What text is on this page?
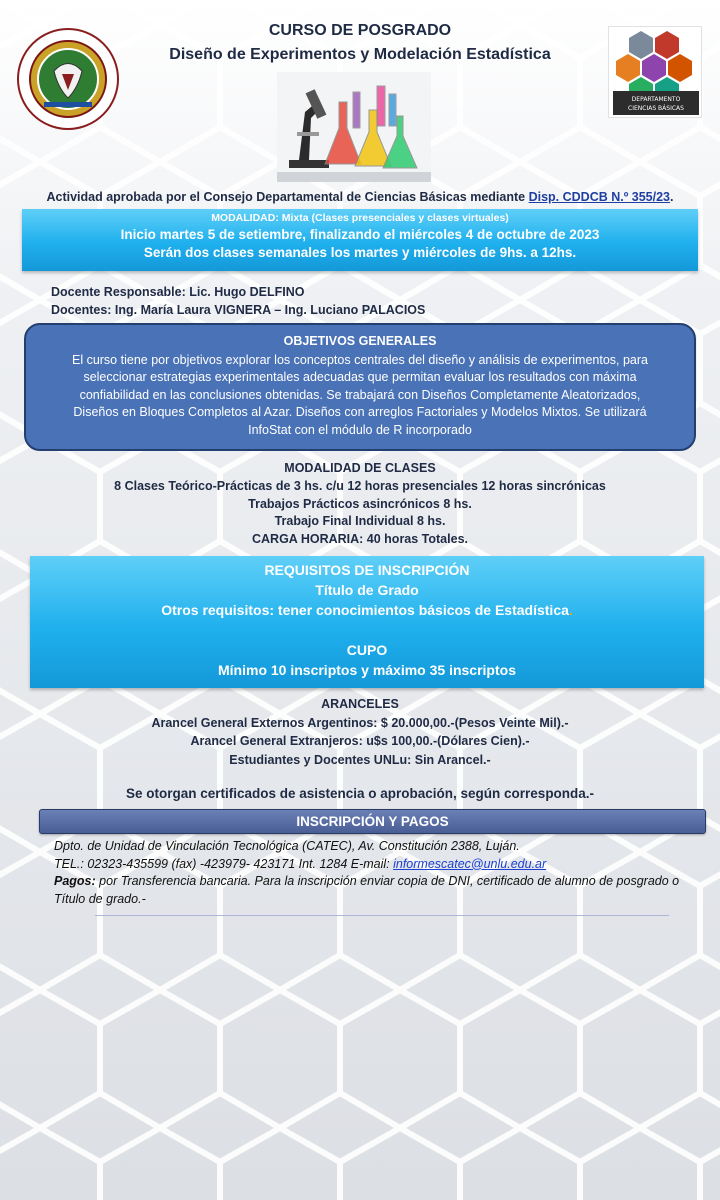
CURSO DE POSGRADO
Diseño de Experimentos y Modelación Estadística
DEPARTAMENTO
CIENCIAS BÁSICAS
Actividad aprobada por el Consejo Departamental de Ciencias Básicas mediante Disp. CDDCB N.º 355/23.
MODALIDAD: Mixta (Clases presenciales y clases virtuales)
Inicio martes 5 de setiembre, finalizando el miércoles 4 de octubre de 2023
Serán dos clases semanales los martes y miércoles de 9hs. a 12hs.
Docente Responsable: Lic. Hugo DELFINO
Docentes: Ing. María Laura VIGNERA – Ing. Luciano PALACIOS
OBJETIVOS GENERALES
El curso tiene por objetivos explorar los conceptos centrales del diseño y análisis de experimentos, para
seleccionar estrategias experimentales adecuadas que permitan evaluar los resultados con máxima
confiabilidad en las conclusiones obtenidas. Se trabajará con Diseños Completamente Aleatorizados,
Diseños en Bloques Completos al Azar. Diseños con arreglos Factoriales y Modelos Mixtos. Se utilizará
InfoStat con el módulo de R incorporado
MODALIDAD DE CLASES
8 Clases Teórico-Prácticas de 3 hs. c/u 12 horas presenciales 12 horas sincrónicas
Trabajos Prácticos asincrónicos 8 hs.
Trabajo Final Individual 8 hs.
CARGA HORARIA: 40 horas Totales.
REQUISITOS DE INSCRIPCIÓN
Título de Grado
Otros requisitos: tener conocimientos básicos de Estadística.
CUPO
Mínimo 10 inscriptos y máximo 35 inscriptos
ARANCELES
Arancel General Externos Argentinos: $ 20.000,00.-(Pesos Veinte Mil).-
Arancel General Extranjeros: u$s 100,00.-(Dólares Cien).-
Estudiantes y Docentes UNLu: Sin Arancel.-
Se otorgan certificados de asistencia o aprobación, según corresponda.-
INSCRIPCIÓN Y PAGOS
Dpto. de Unidad de Vinculación Tecnológica (CATEC), Av. Constitución 2388, Luján.
TEL.: 02323-435599 (fax) -423979- 423171 Int. 1284 E-mail: informescatec@unlu.edu.ar
Pagos: por Transferencia bancaria. Para la inscripción enviar copia de DNI, certificado de alumno de posgrado o Título de grado.-
